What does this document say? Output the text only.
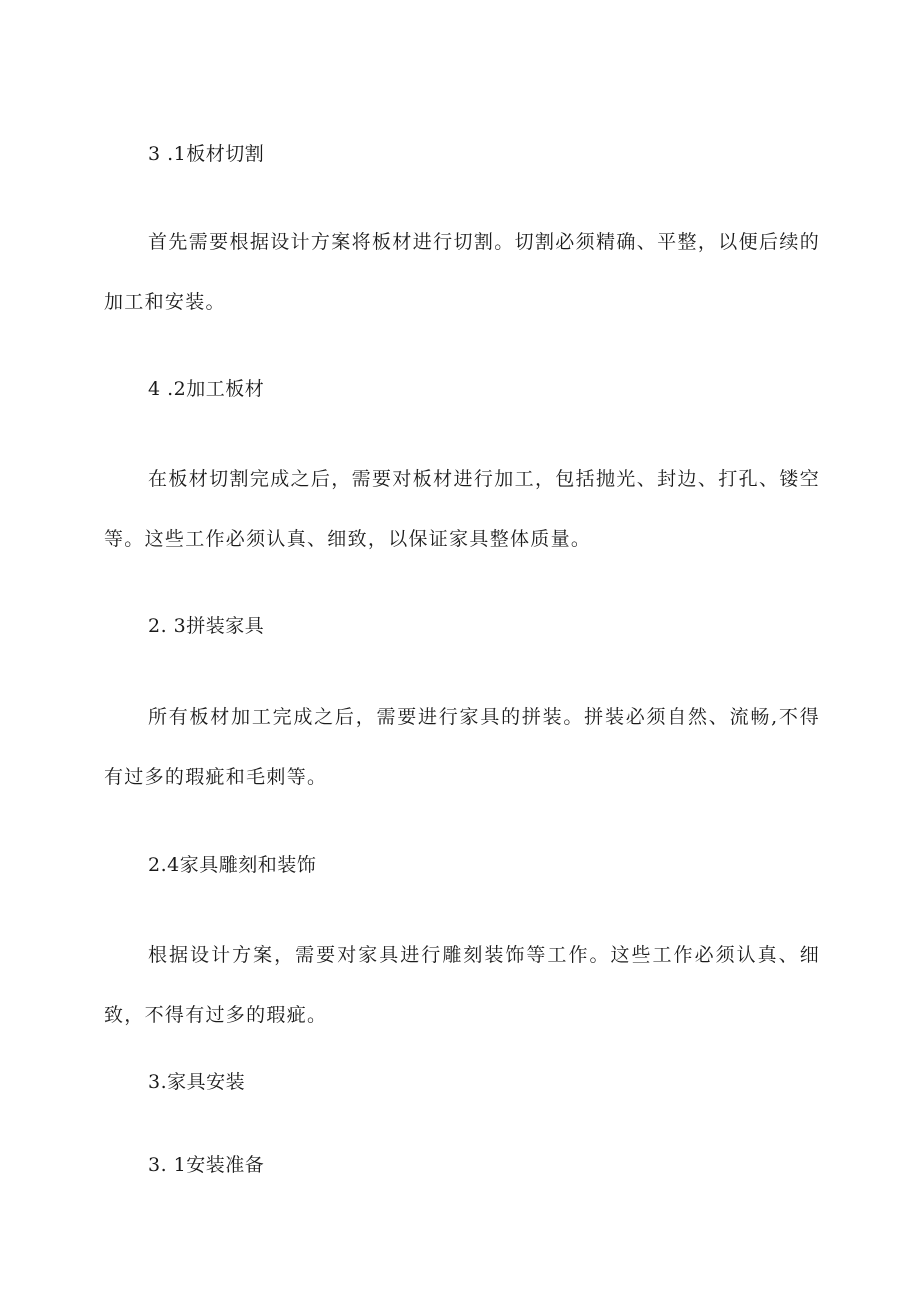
3 .1板材切割

首先需要根据设计方案将板材进行切割。切割必须精确、平整，以便后续的加工和安装。

4 .2加工板材

在板材切割完成之后，需要对板材进行加工，包括抛光、封边、打孔、镂空等。这些工作必须认真、细致，以保证家具整体质量。

2. 3拼装家具

所有板材加工完成之后，需要进行家具的拼装。拼装必须自然、流畅,不得有过多的瑕疵和毛刺等。

2.4家具雕刻和装饰

根据设计方案，需要对家具进行雕刻装饰等工作。这些工作必须认真、细致，不得有过多的瑕疵。

3.家具安装
3. 1安装准备
